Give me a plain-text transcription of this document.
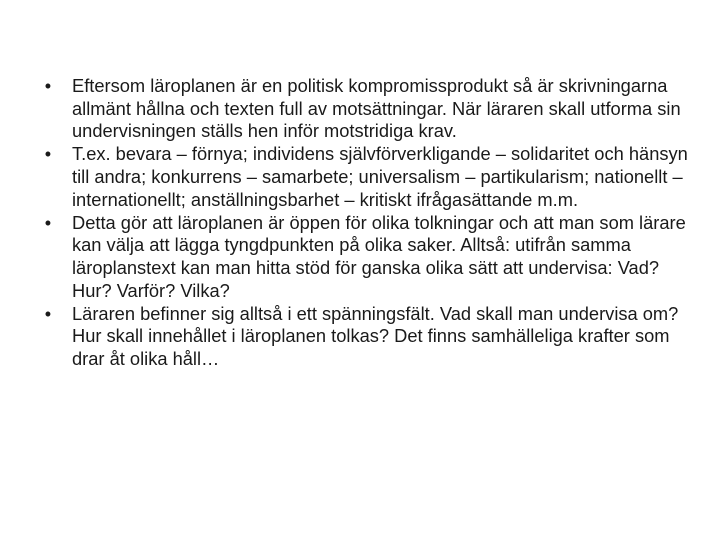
• Eftersom läroplanen är en politisk kompromissprodukt så är skrivningarna allmänt hållna och texten full av motsättningar. När läraren skall utforma sin undervisningen ställs hen inför motstridiga krav.
• T.ex. bevara – förnya; individens självförverkligande – solidaritet och hänsyn till andra; konkurrens – samarbete; universalism – partikularism; nationellt – internationellt; anställningsbarhet – kritiskt ifrågasättande m.m.
• Detta gör att läroplanen är öppen för olika tolkningar och att man som lärare kan välja att lägga tyngdpunkten på olika saker. Alltså: utifrån samma läroplanstext kan man hitta stöd för ganska olika sätt att undervisa: Vad? Hur? Varför? Vilka?
• Läraren befinner sig alltså i ett spänningsfält. Vad skall man undervisa om? Hur skall innehållet i läroplanen tolkas? Det finns samhälleliga krafter som drar åt olika håll…
